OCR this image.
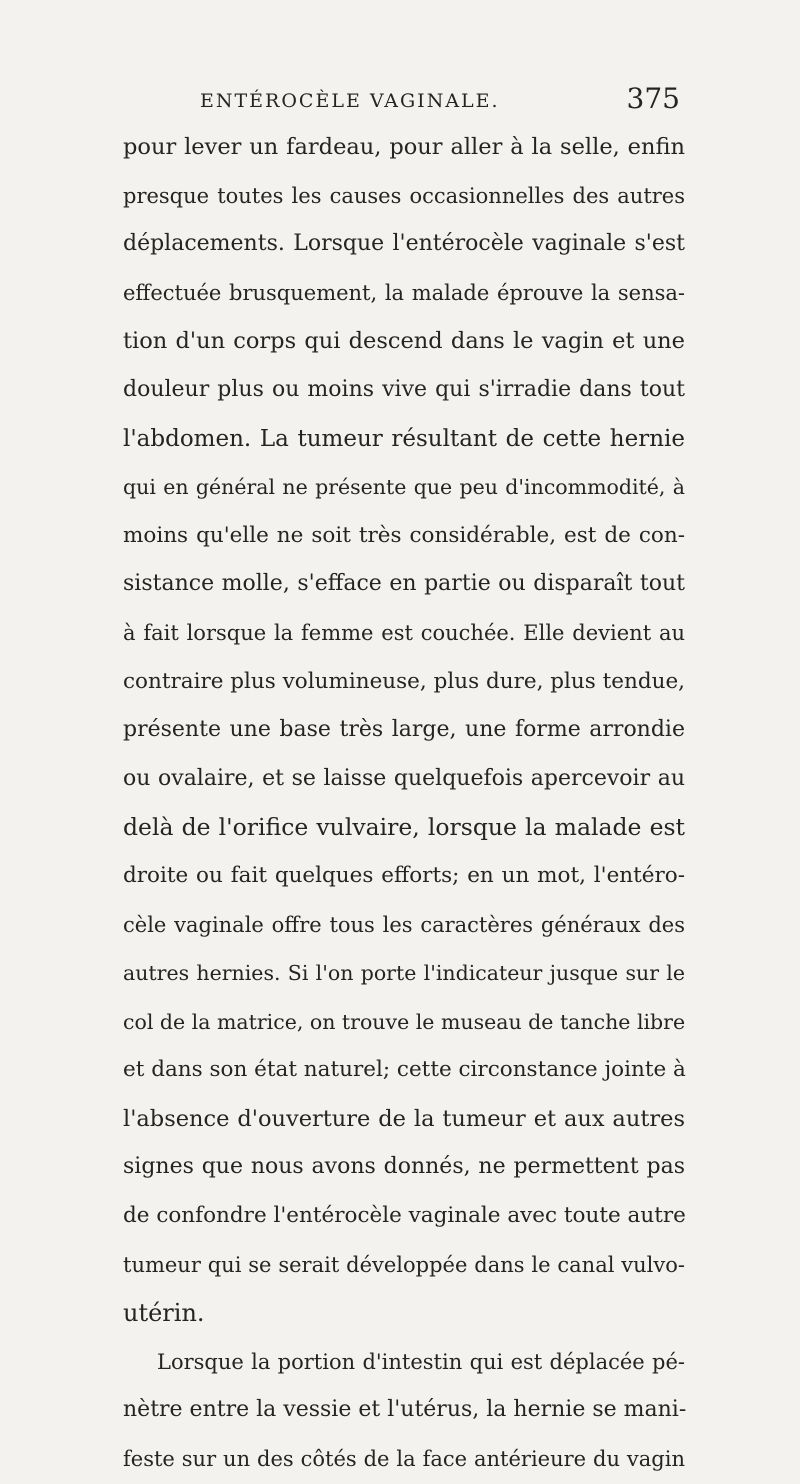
ENTÉROCÈLE VAGINALE.	375
pour lever un fardeau, pour aller à la selle, enfin
presque toutes les causes occasionnelles des autres
déplacements. Lorsque l'entérocèle vaginale s'est
effectuée brusquement, la malade éprouve la sensa-
tion d'un corps qui descend dans le vagin et une
douleur plus ou moins vive qui s'irradie dans tout
l'abdomen. La tumeur résultant de cette hernie
qui en général ne présente que peu d'incommodité, à
moins qu'elle ne soit très considérable, est de con-
sistance molle, s'efface en partie ou disparaît tout
à fait lorsque la femme est couchée. Elle devient au
contraire plus volumineuse, plus dure, plus tendue,
présente une base très large, une forme arrondie
ou ovalaire, et se laisse quelquefois apercevoir au
delà de l'orifice vulvaire, lorsque la malade est
droite ou fait quelques efforts; en un mot, l'entéro-
cèle vaginale offre tous les caractères généraux des
autres hernies. Si l'on porte l'indicateur jusque sur le
col de la matrice, on trouve le museau de tanche libre
et dans son état naturel; cette circonstance jointe à
l'absence d'ouverture de la tumeur et aux autres
signes que nous avons donnés, ne permettent pas
de confondre l'entérocèle vaginale avec toute autre
tumeur qui se serait développée dans le canal vulvo-
utérin.
Lorsque la portion d'intestin qui est déplacée pé-
nètre entre la vessie et l'utérus, la hernie se mani-
feste sur un des côtés de la face antérieure du vagin
